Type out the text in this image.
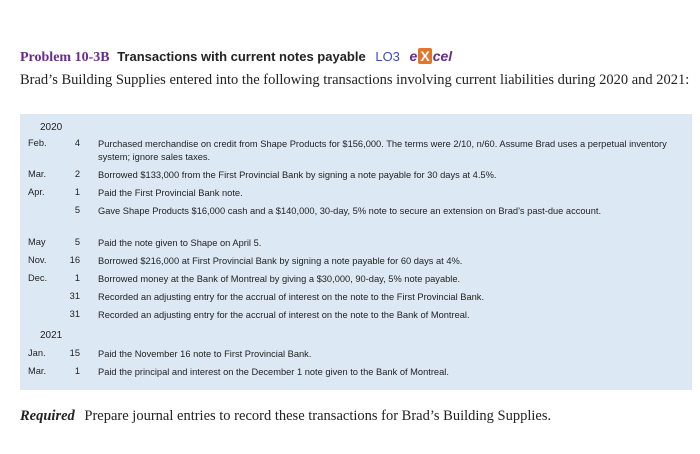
Problem 10-3B Transactions with current notes payable LO3 e X cel
Brad’s Building Supplies entered into the following transactions involving current liabilities during 2020 and 2021:
2020
Feb.	4 Purchased merchandise on credit from Shape Products for $156,000. The terms were 2/10, n/60. Assume Brad uses a perpetual inventory system; ignore sales taxes.
Mar.	2 Borrowed $133,000 from the First Provincial Bank by signing a note payable for 30 days at 4.5%.
Apr.	1 Paid the First Provincial Bank note.
5 Gave Shape Products $16,000 cash and a $140,000, 30-day, 5% note to secure an extension on Brad’s past-due account.
May	5 Paid the note given to Shape on April 5.
Nov.	16 Borrowed $216,000 at First Provincial Bank by signing a note payable for 60 days at 4%.
Dec.	1 Borrowed money at the Bank of Montreal by giving a $30,000, 90-day, 5% note payable.
31 Recorded an adjusting entry for the accrual of interest on the note to the First Provincial Bank.
31 Recorded an adjusting entry for the accrual of interest on the note to the Bank of Montreal.
2021
Jan.	15 Paid the November 16 note to First Provincial Bank.
Mar.	1 Paid the principal and interest on the December 1 note given to the Bank of Montreal.
Required Prepare journal entries to record these transactions for Brad’s Building Supplies.
